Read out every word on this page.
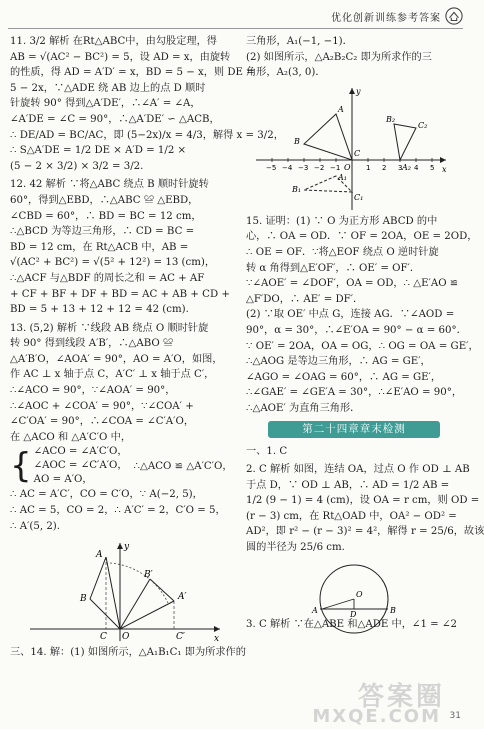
优化创新训练参考答案
11. 3/2 解析 在Rt△ABC中，由勾股定理，得
AB = √(AC² − BC²) = 5，设 AD = x，由旋转
的性质，得 AD = A′D′ = x，BD = 5 − x，则 DE =
5 − 2x，∵△ADE 绕 AB 边上的点 D 顺时
针旋转 90° 得到△A′DE′，∴∠A′ = ∠A，
∠A′DE = ∠C = 90°，∴△A′DE′ ∽ △ACB，
∴ DE/AD = BC/AC，即 (5−2x)/x = 4/3，解得 x = 3/2，
∴ S△A′DE = 1/2 DE × A′D = 1/2 ×
(5 − 2 × 3/2) × 3/2 = 3/2.
12. 42 解析 ∵将△ABC 绕点 B 顺时针旋转
60°，得到△EBD，∴△ABC ≌ △EBD，
∠CBD = 60°，∴ BD = BC = 12 cm，
∴△BCD 为等边三角形，∴ CD = BC =
BD = 12 cm，在 Rt△ACB 中，AB =
√(AC² + BC²) = √(5² + 12²) = 13 (cm)，
∴△ACF 与△BDF 的周长之和 = AC + AF
+ CF + BF + DF + BD = AC + AB + CD +
BD = 5 + 13 + 12 + 12 = 42 (cm).
13. (5,2) 解析 ∵线段 AB 绕点 O 顺时针旋
转 90° 得到线段 A′B′，∴△ABO ≌
△A′B′O，∠AOA′ = 90°，AO = A′O，如图，
作 AC ⊥ x 轴于点 C，A′C′ ⊥ x 轴于点 C′，
∴∠ACO = 90°，∵∠AOA′ = 90°，
∴∠AOC + ∠COA′ = 90°，∵∠COA′ +
∠C′OA′ = 90°，∴∠COA = ∠C′A′O，
在 △ACO 和 △A′C′O 中，
{ ∠ACO = ∠A′C′O，
∠AOC = ∠C′A′O，
AO = A′O，
∴△ACO ≌ △A′C′O，
∴ AC = A′C′，CO = C′O，∵ A(−2, 5)，
∴ AC = 5，CO = 2，∴ A′C′ = 2，C′O = 5，
∴ A′(5, 2).
y
x
A
B
B′
A′
O
C	C′
三、14. 解：(1) 如图所示，△A₁B₁C₁ 即为所求作的
三角形，A₁(−1, −1)．
(2) 如图所示，△A₂B₂C₂ 即为所求作的三
角形，A₂(3, 0)．
−5 −4 −3 −2 −1	1 2 3 4 5
y
x
O
A
B
C
A₁
B₁
C₁
A₂
B₂
C₂
15. 证明：(1) ∵ O 为正方形 ABCD 的中
心，∴ OA = OD．∵ OF = 2OA，OE = 2OD，
∴ OE = OF．∵将△EOF 绕点 O 逆时针旋
转 α 角得到△E′OF′，∴ OE′ = OF′．
∵∠AOE′ = ∠DOF′，OA = OD，∴ △E′AO ≌
△F′DO，∴ AE′ = DF′．
(2) ∵取 OE′ 中点 G，连接 AG．∵∠AOD =
90°，α = 30°，∴∠E′OA = 90° − α = 60°．
∵ OE′ = 2OA，OA = OG，∴ OG = OA = GE′，
∴△AOG 是等边三角形，∴ AG = GE′，
∠AGO = ∠OAG = 60°，∴ AG = GE′，
∴∠GAE′ = ∠GE′A = 30°，∴∠E′AO = 90°，
∴△AOE′ 为直角三角形．
第二十四章章末检测
一、1. C
2. C 解析 如图，连结 OA，过点 O 作 OD ⊥ AB
于点 D，∵ OD ⊥ AB，∴ AD = 1/2 AB =
1/2 (9 − 1) = 4 (cm)，设 OA = r cm，则 OD =
(r − 3) cm，在 Rt△OAD 中，OA² − OD² =
AD²，即 r² − (r − 3)² = 4²，解得 r = 25/6，故该
圆的半径为 25/6 cm.
O
A	B
D
3. C 解析 ∵在△ABE 和△ADE 中，∠1 = ∠2
答案圈
MXQE.COM 31
